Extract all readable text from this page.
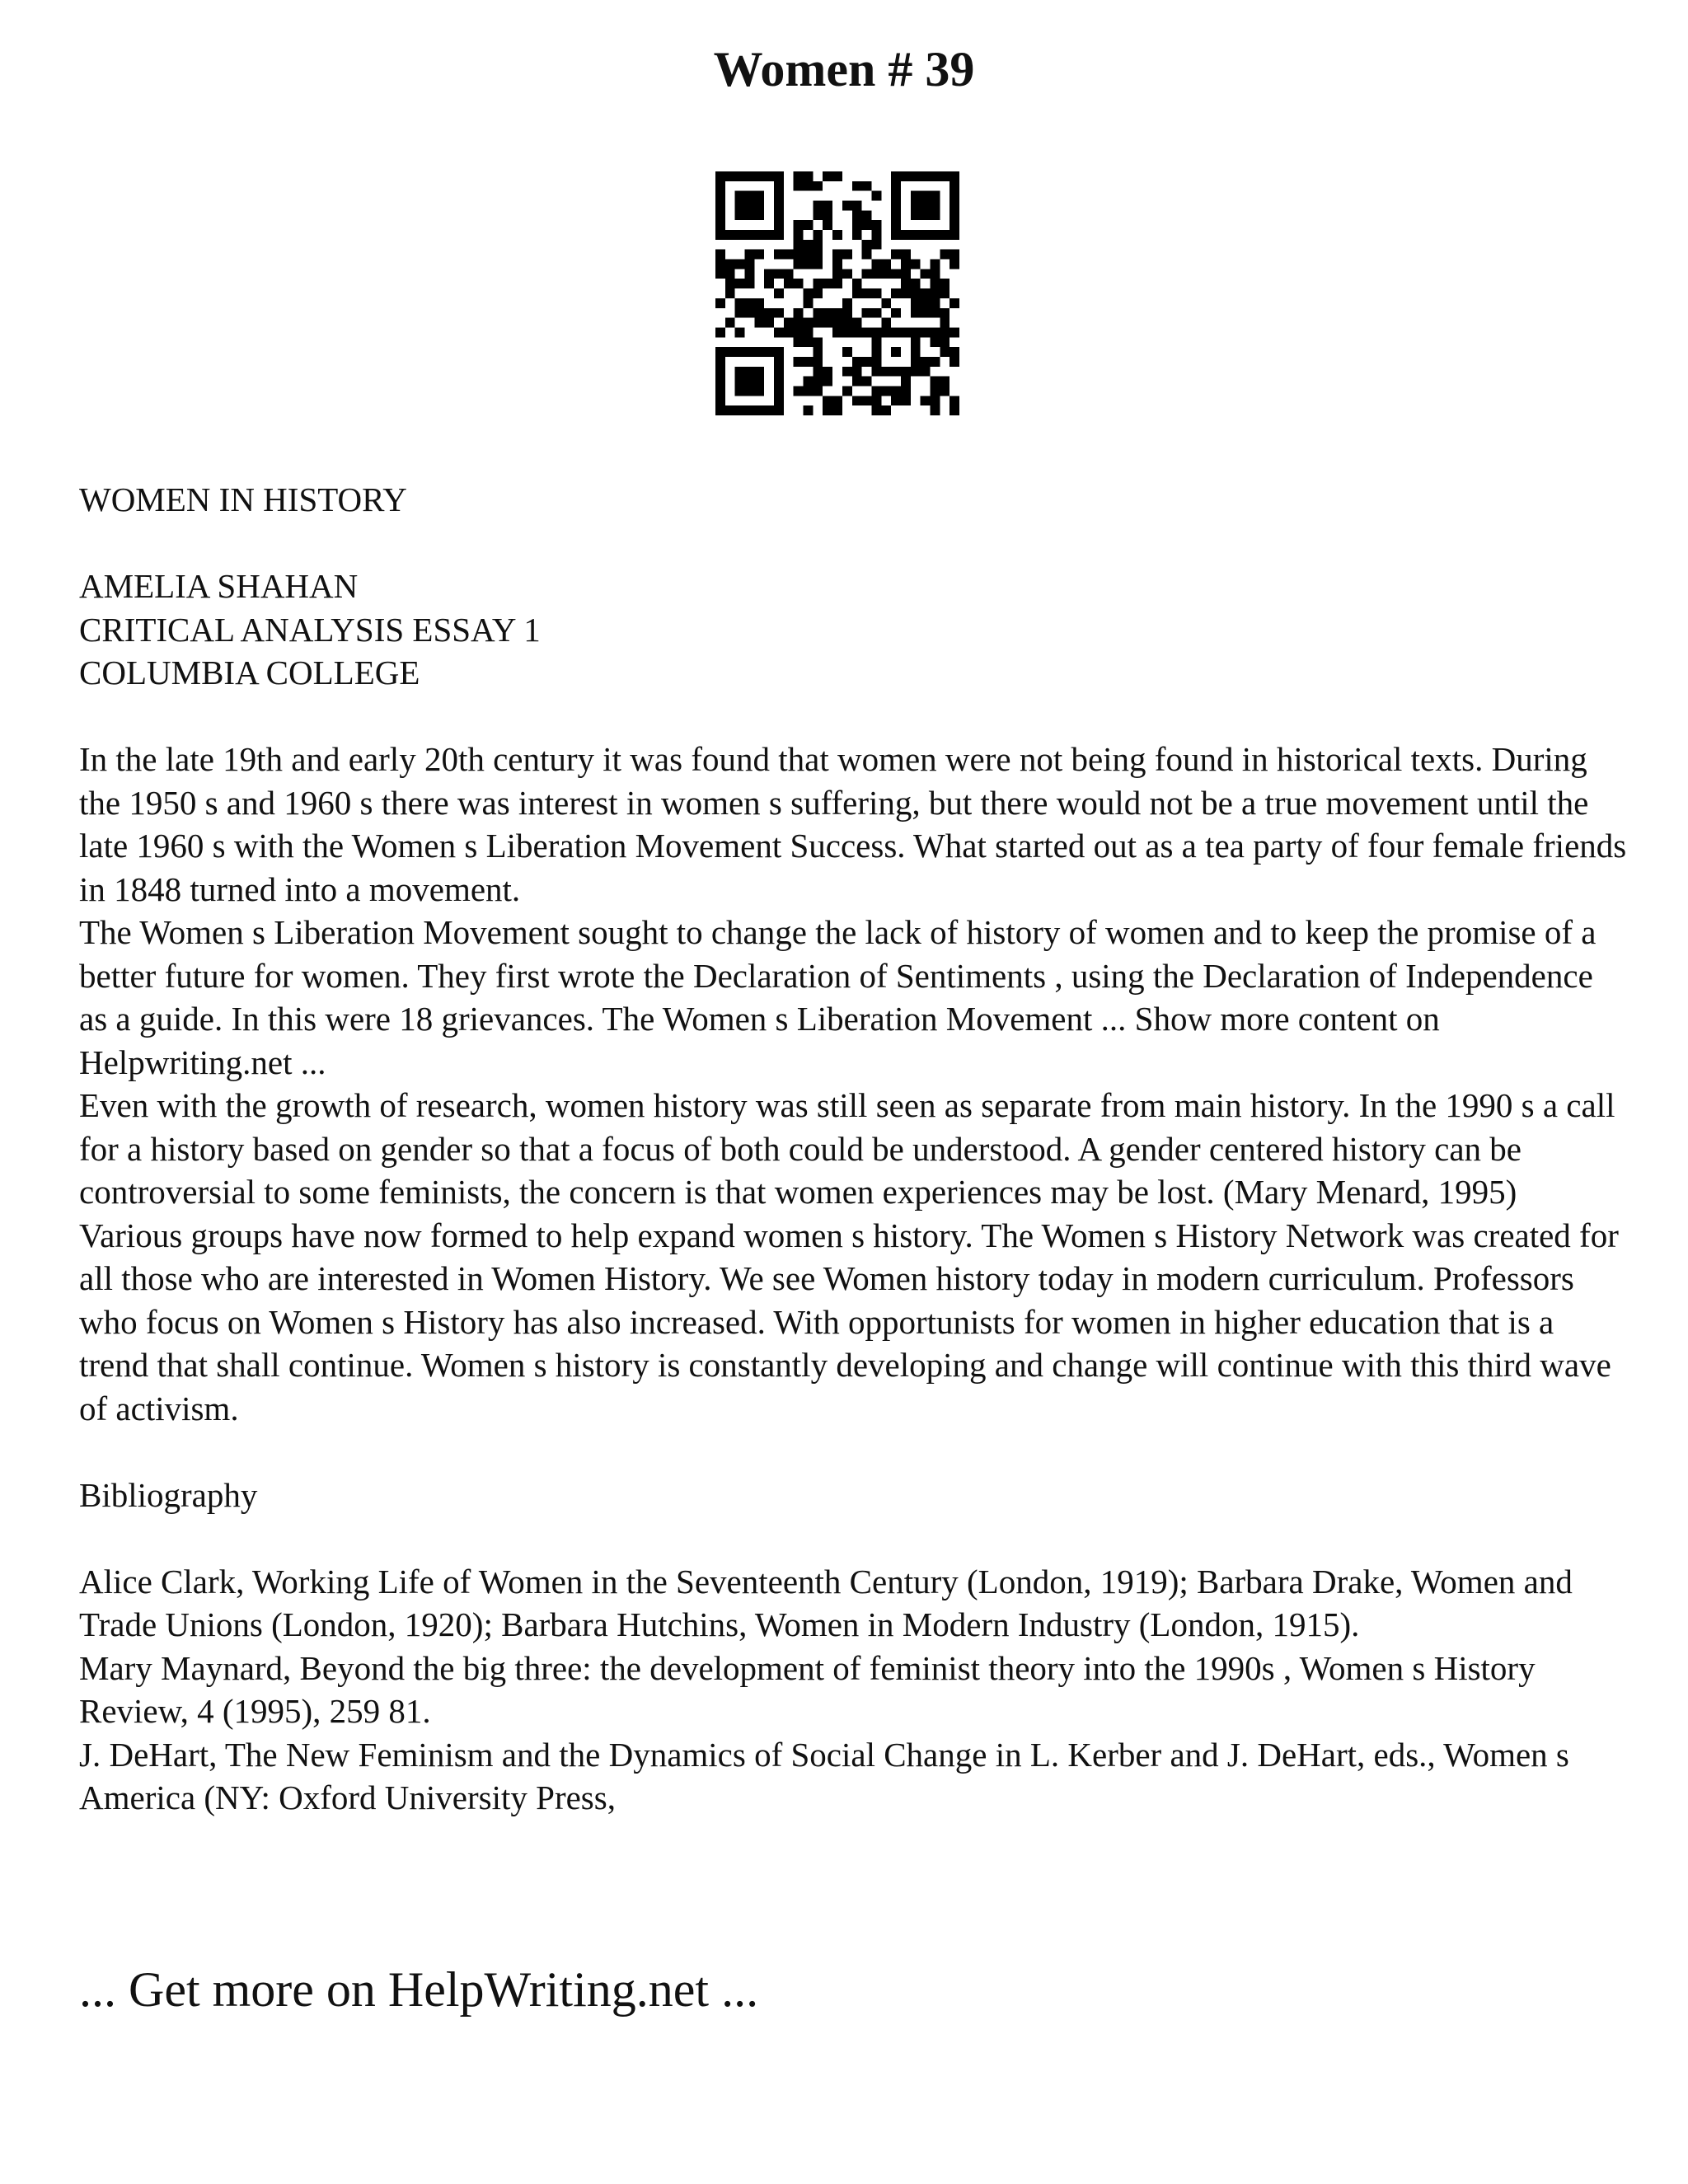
Women # 39

WOMEN IN HISTORY

AMELIA SHAHAN

CRITICAL ANALYSIS ESSAY 1

COLUMBIA COLLEGE

In the late 19th and early 20th century it was found that women were not being found in historical texts. During the 1950 s and 1960 s there was interest in women s suffering, but there would not be a true movement until the late 1960 s with the Women s Liberation Movement Success. What started out as a tea party of four female friends in 1848 turned into a movement.

The Women s Liberation Movement sought to change the lack of history of women and to keep the promise of a better future for women. They first wrote the Declaration of Sentiments , using the Declaration of Independence as a guide. In this were 18 grievances. The Women s Liberation Movement ... Show more content on Helpwriting.net ...

Even with the growth of research, women history was still seen as separate from main history. In the 1990 s a call for a history based on gender so that a focus of both could be understood. A gender centered history can be controversial to some feminists, the concern is that women experiences may be lost. (Mary Menard, 1995)

Various groups have now formed to help expand women s history. The Women s History Network was created for all those who are interested in Women History. We see Women history today in modern curriculum. Professors who focus on Women s History has also increased. With opportunists for women in higher education that is a trend that shall continue. Women s history is constantly developing and change will continue with this third wave of activism.

Bibliography

Alice Clark, Working Life of Women in the Seventeenth Century (London, 1919); Barbara Drake, Women and Trade Unions (London, 1920); Barbara Hutchins, Women in Modern Industry (London, 1915).

Mary Maynard, Beyond the big three: the development of feminist theory into the 1990s , Women s History Review, 4 (1995), 259 81.

J. DeHart, The New Feminism and the Dynamics of Social Change in L. Kerber and J. DeHart, eds., Women s America (NY: Oxford University Press,

... Get more on HelpWriting.net ...
